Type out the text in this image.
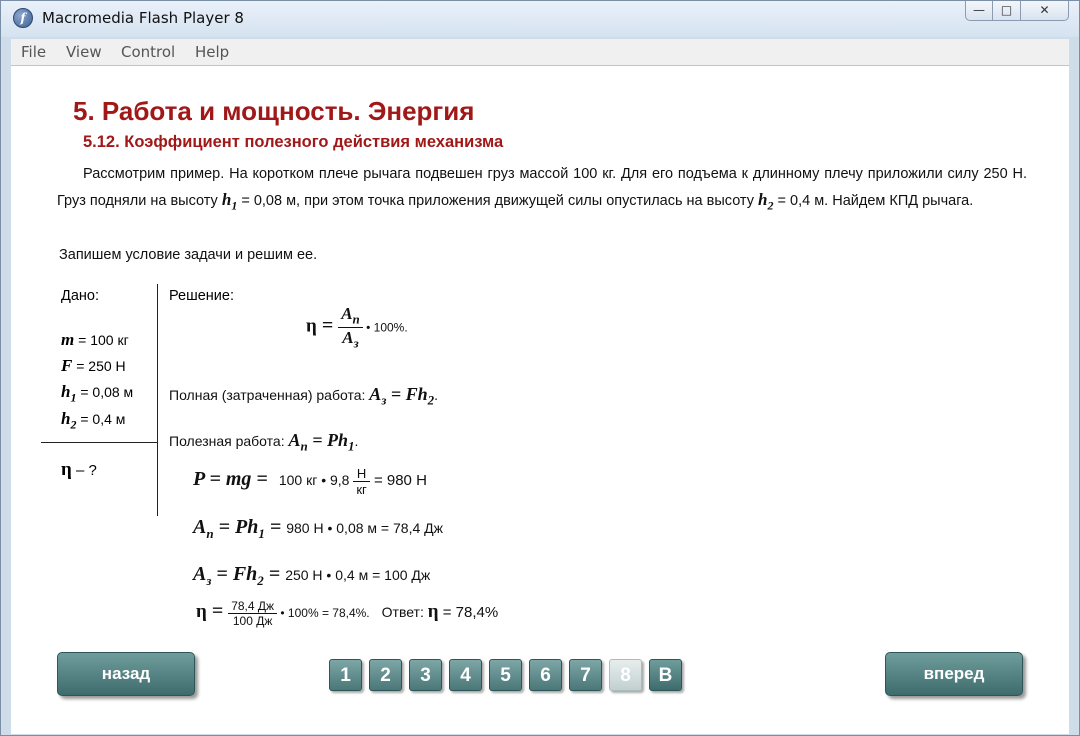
f	Macromedia Flash Player 8	—	□	✕
File View Control Help
5. Работа и мощность. Энергия
5.12. Коэффициент полезного действия механизма
Рассмотрим пример. На коротком плече рычага подвешен груз массой 100 кг. Для его подъема к длинному плечу приложили силу 250 Н. Груз подняли на высоту $h_1 = 0,08$ м, при этом точка приложения движущей силы опустилась на высоту $h_2 = 0,4$ м. Найдем КПД рычага.
Запишем условие задачи и решим ее.
Дано:
m = 100 кг
F = 250 Н
$h_1 = 0,08$ м
$h_2 = 0,4$ м
η – ?
Решение:
$\eta = \frac{A_п}{A_з}$ • 100%.
Полная (затраченная) работа: $A_з = Fh_2$.
Полезная работа: $A_п = Ph_1$.
P = mg = 100 кг • $9,8 \frac{Н}{кг} = 980$ Н
$A_п = Ph_1 = 980$ Н • 0,08 м = 78,4 Дж
$A_з = Fh_2 = 250$ Н • 0,4 м = 100 Дж
$\eta = \frac{78,4 Дж}{100 Дж}$ • 100% = 78,4%. Ответ: η = 78,4%
назад	1	2	3	4	5	6	7	8	В	вперед
